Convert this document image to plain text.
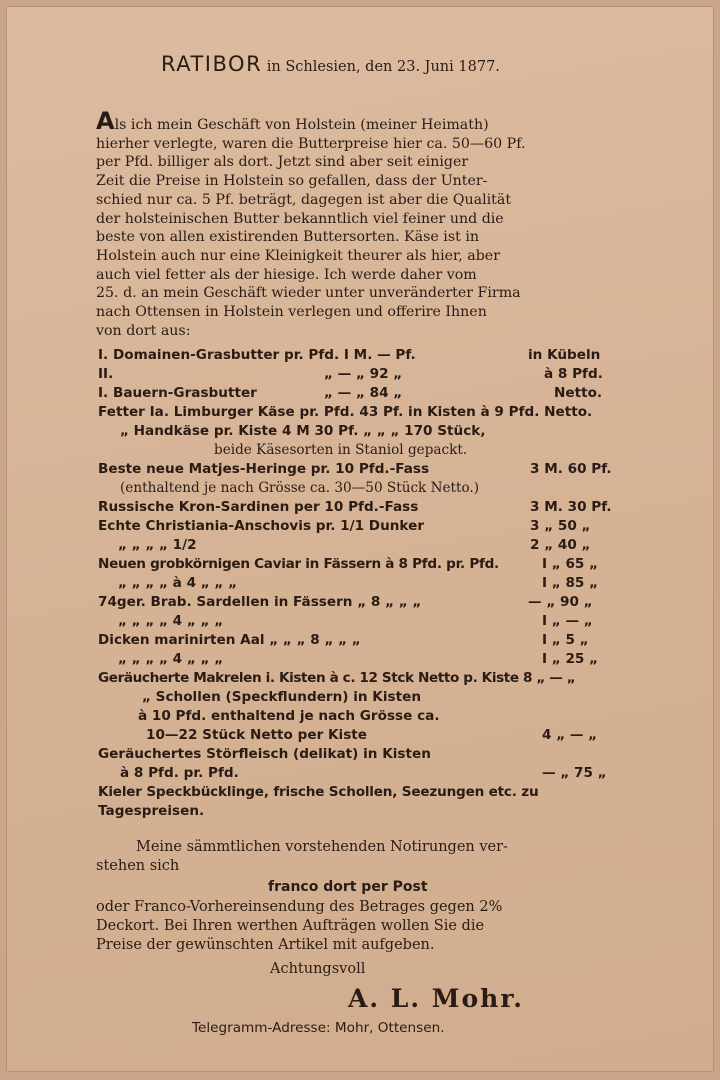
RATIBOR in Schlesien, den 23. Juni 1877.
Als ich mein Geschäft von Holstein (meiner Heimath)
hierher verlegte, waren die Butterpreise hier ca. 50—60 Pf.
per Pfd. billiger als dort. Jetzt sind aber seit einiger
Zeit die Preise in Holstein so gefallen, dass der Unter-
schied nur ca. 5 Pf. beträgt, dagegen ist aber die Qualität
der holsteinischen Butter bekanntlich viel feiner und die
beste von allen existirenden Buttersorten. Käse ist in
Holstein auch nur eine Kleinigkeit theurer als hier, aber
auch viel fetter als der hiesige. Ich werde daher vom
25. d. an mein Geschäft wieder unter unveränderter Firma
nach Ottensen in Holstein verlegen und offerire Ihnen
von dort aus:
I. Domainen-Grasbutter pr. Pfd. I M. — Pf.	in Kübeln
II.	„ — „ 92 „	à 8 Pfd.
I. Bauern-Grasbutter	„ — „ 84 „	Netto.
Fetter Ia. Limburger Käse pr. Pfd. 43 Pf. in Kisten à 9 Pfd. Netto.
„ Handkäse pr. Kiste 4 M 30 Pf. „ „ „ 170 Stück,
beide Käsesorten in Staniol gepackt.
Beste neue Matjes-Heringe pr. 10 Pfd.-Fass	3 M. 60 Pf.
(enthaltend je nach Grösse ca. 30—50 Stück Netto.)
Russische Kron-Sardinen per 10 Pfd.-Fass	3 M. 30 Pf.
Echte Christiania-Anschovis pr. 1/1 Dunker	3 „ 50 „
„ „ „ „ 1/2	2 „ 40 „
Neuen grobkörnigen Caviar in Fässern à 8 Pfd. pr. Pfd.	I „ 65 „
„ „ „ „ à 4 „ „ „	I „ 85 „
74ger. Brab. Sardellen in Fässern „ 8 „ „ „	— „ 90 „
„ „ „ „ 4 „ „ „	I „ — „
Dicken marinirten Aal „ „ „ 8 „ „ „	I „ 5 „
„ „ „ „ 4 „ „ „	I „ 25 „
Geräucherte Makrelen i. Kisten à c. 12 Stck Netto p. Kiste 8 „ — „
„ Schollen (Speckflundern) in Kisten
à 10 Pfd. enthaltend je nach Grösse ca.
10—22 Stück Netto per Kiste	4 „ — „
Geräuchertes Störfleisch (delikat) in Kisten
à 8 Pfd. pr. Pfd.	— „ 75 „
Kieler Speckbücklinge, frische Schollen, Seezungen etc. zu
Tagespreisen.
Meine sämmtlichen vorstehenden Notirungen ver-
stehen sich
franco dort per Post
oder Franco-Vorhereinsendung des Betrages gegen 2%
Deckort. Bei Ihren werthen Aufträgen wollen Sie die
Preise der gewünschten Artikel mit aufgeben.
Achtungsvoll
A. L. Mohr.
Telegramm-Adresse: Mohr, Ottensen.
